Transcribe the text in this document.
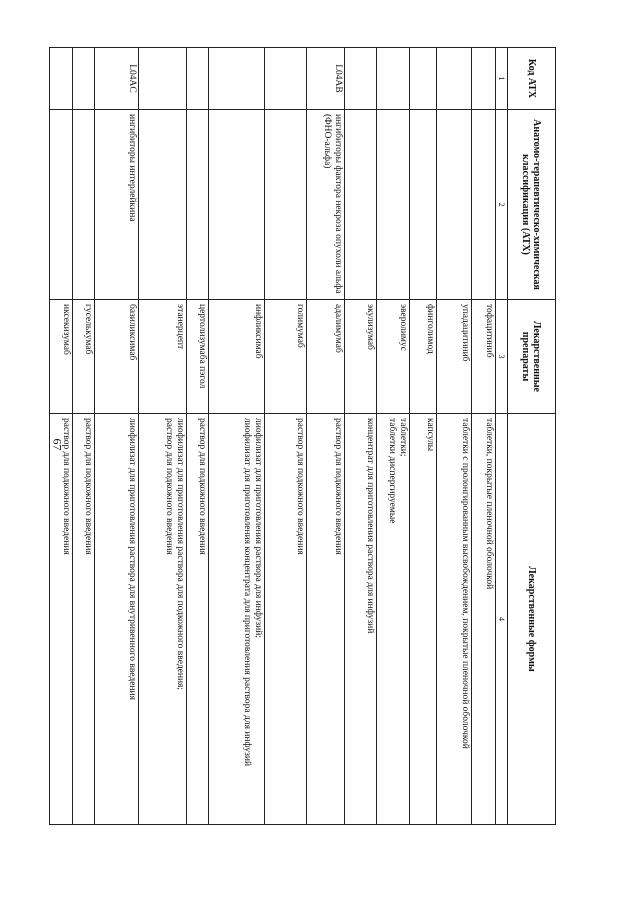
67
Код АТХ	Анатомо-терапевтическо-химическая классификация (АТХ)	Лекарственные препараты	Лекарственные формы
1	2	3	4
		тофацитиниб	таблетки, покрытые пленочной оболочкой
		упадацитиниб	таблетки с пролонгированным высвобождением, покрытые пленочной оболочкой
		финголимод	капсулы
		эверолимус	таблетки;
таблетки диспергируемые
		экулизумаб	концентрат для приготовления раствора для инфузий
L04AB	ингибиторы фактора некроза опухоли альфа (ФНО-альфа)	адалимумаб	раствор для подкожного введения
		голимумаб	раствор для подкожного введения
		инфликсимаб	лиофилизат для приготовления раствора для инфузий;
лиофилизат для приготовления концентрата для приготовления раствора для инфузий
		цертолизумаба пэгол	раствор для подкожного введения
		этанерцепт	лиофилизат для приготовления раствора для подкожного введения;
раствор для подкожного введения
L04AC	ингибиторы интерлейкина	базиликсимаб	лиофилизат для приготовления раствора для внутривенного введения
		гуселькумаб	раствор для подкожного введения
		иксекизумаб	раствор для подкожного введения
